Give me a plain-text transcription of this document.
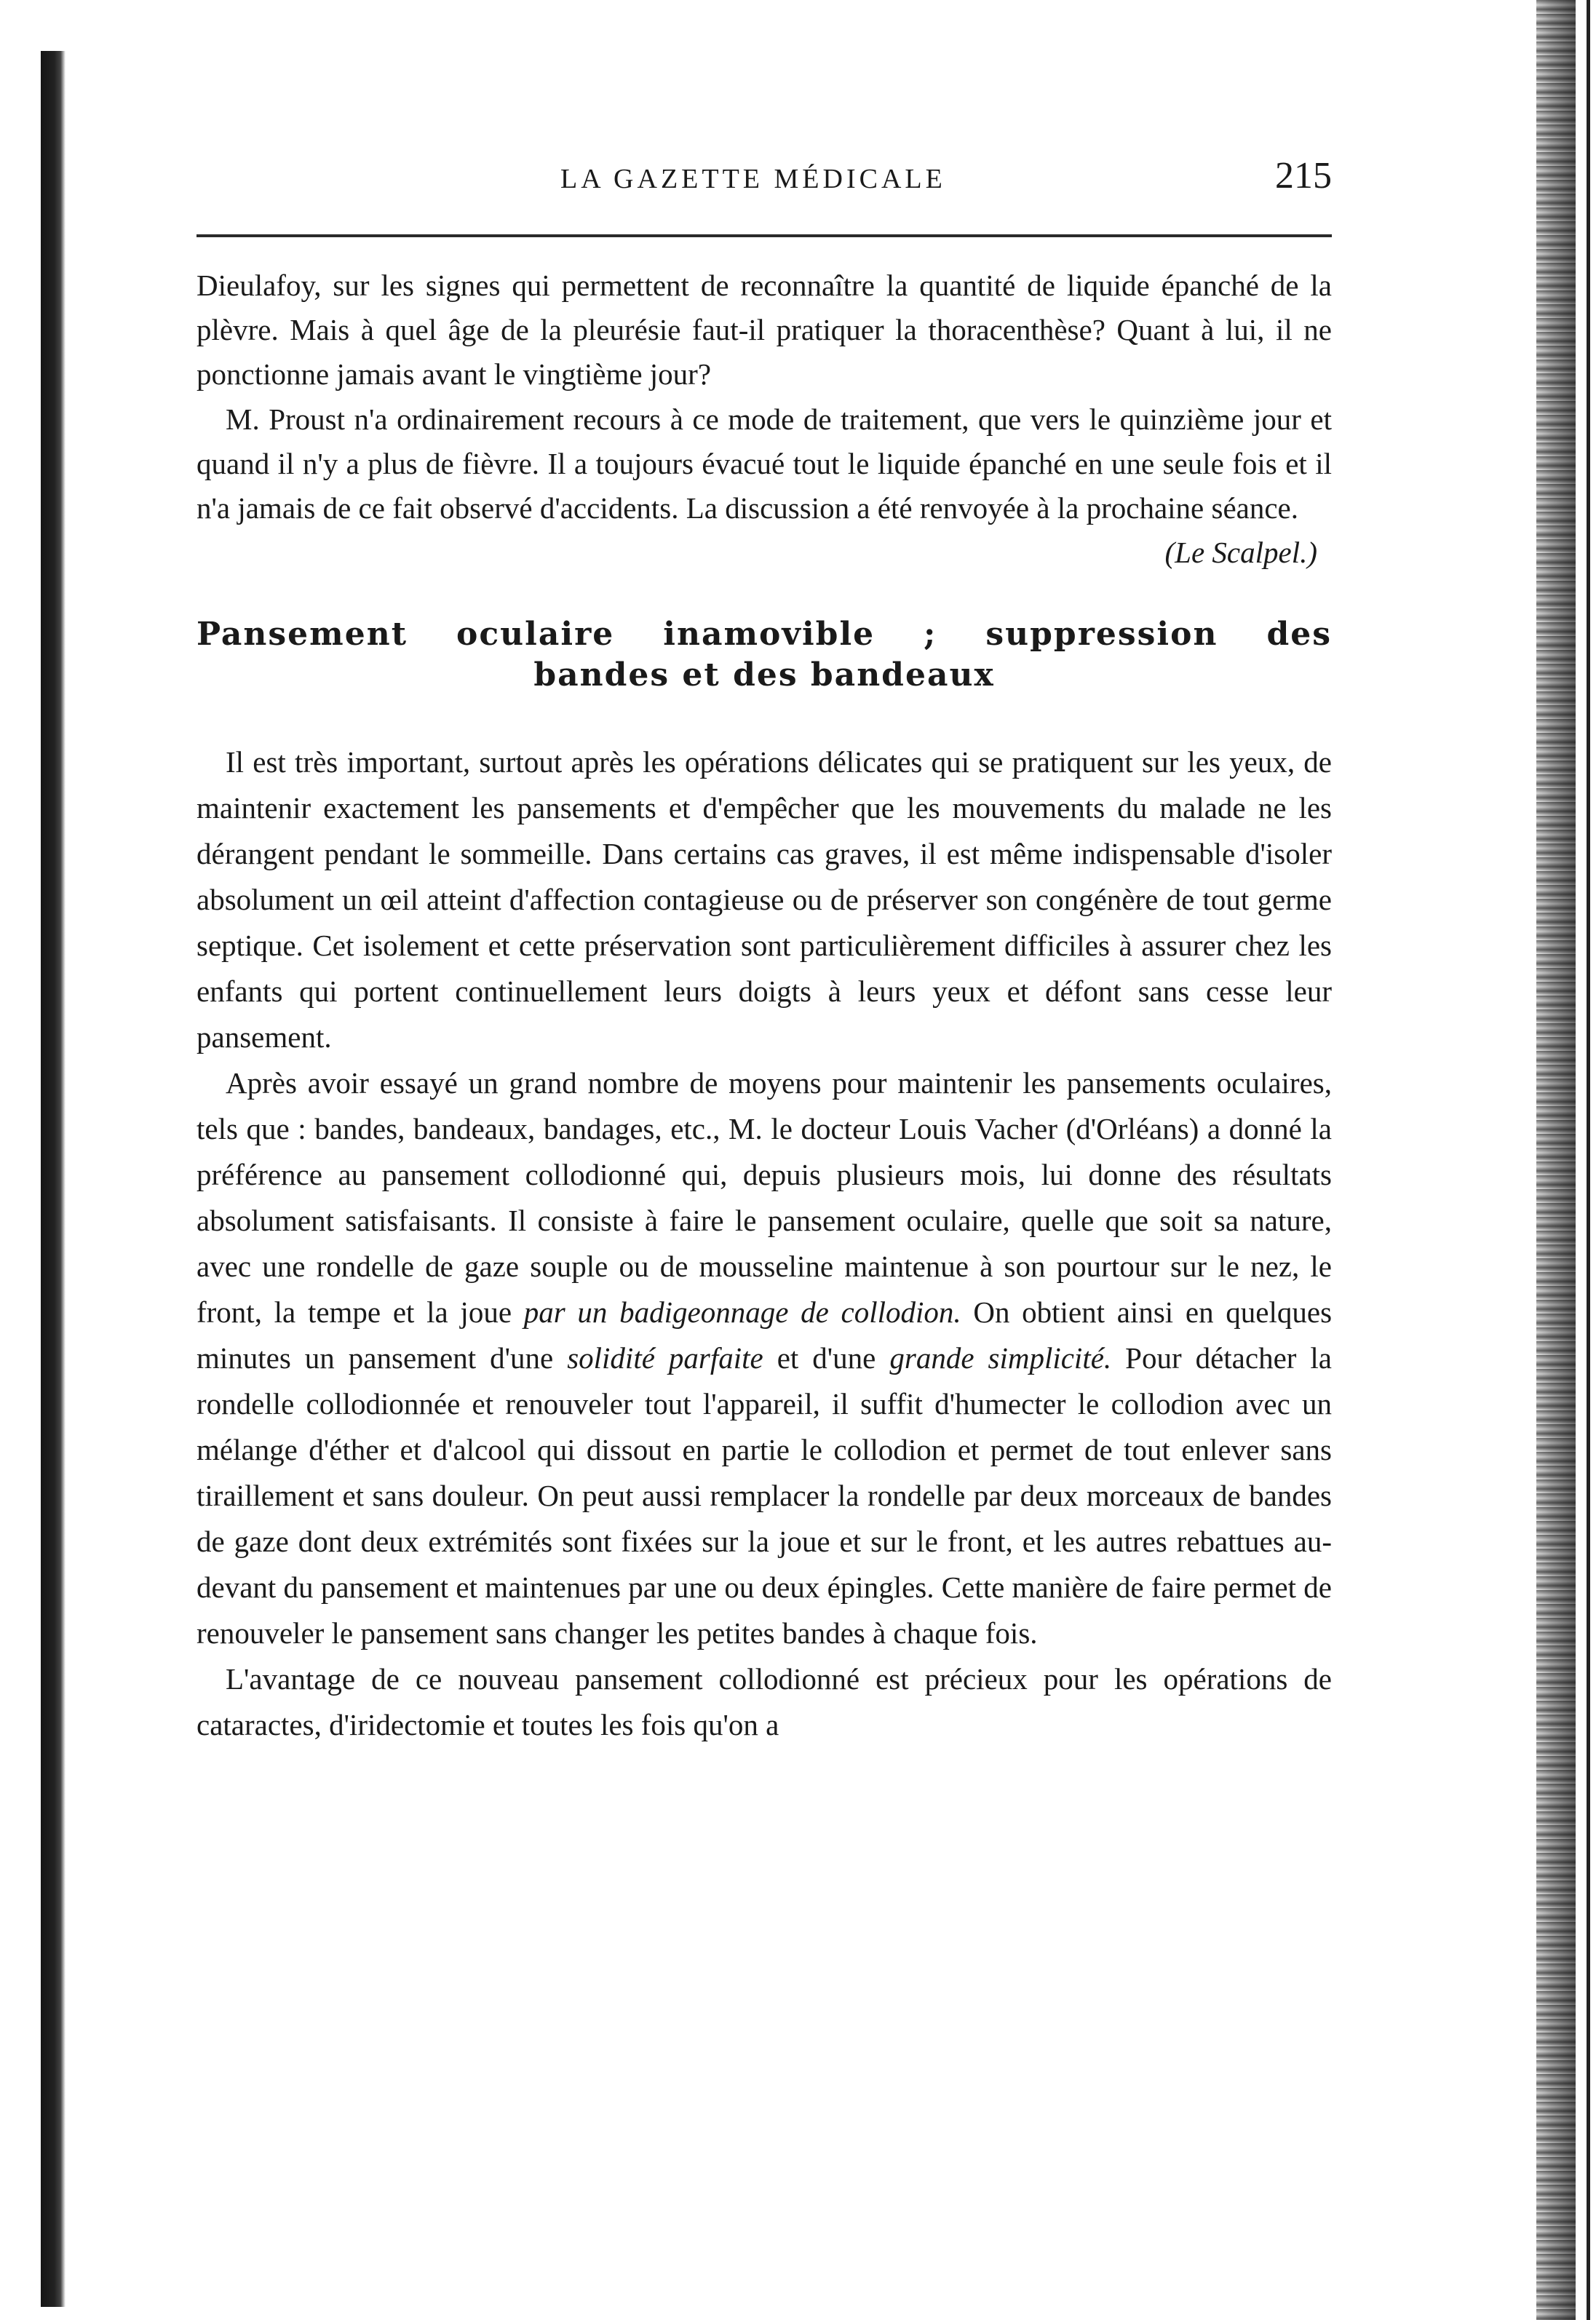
LA GAZETTE MÉDICALE	215

Dieulafoy, sur les signes qui permettent de reconnaître la quantité de liquide épanché de la plèvre. Mais à quel âge de la pleurésie faut-il pratiquer la thoracenthèse? Quant à lui, il ne ponctionne jamais avant le vingtième jour?

M. Proust n'a ordinairement recours à ce mode de traitement, que vers le quinzième jour et quand il n'y a plus de fièvre. Il a toujours évacué tout le liquide épanché en une seule fois et il n'a jamais de ce fait observé d'accidents. La discussion a été renvoyée à la prochaine séance.

(Le Scalpel.)

Pansement oculaire inamovible ; suppression des
bandes et des bandeaux

Il est très important, surtout après les opérations délicates qui se pratiquent sur les yeux, de maintenir exactement les pansements et d'empêcher que les mouvements du malade ne les dérangent pendant le sommeille. Dans certains cas graves, il est même indispensable d'isoler absolument un œil atteint d'affection contagieuse ou de préserver son congénère de tout germe septique. Cet isolement et cette préservation sont particulièrement difficiles à assurer chez les enfants qui portent continuellement leurs doigts à leurs yeux et défont sans cesse leur pansement.

Après avoir essayé un grand nombre de moyens pour maintenir les pansements oculaires, tels que : bandes, bandeaux, bandages, etc., M. le docteur Louis Vacher (d'Orléans) a donné la préférence au pansement collodionné qui, depuis plusieurs mois, lui donne des résultats absolument satisfaisants. Il consiste à faire le pansement oculaire, quelle que soit sa nature, avec une rondelle de gaze souple ou de mousseline maintenue à son pourtour sur le nez, le front, la tempe et la joue par un badigeonnage de collodion. On obtient ainsi en quelques minutes un pansement d'une solidité parfaite et d'une grande simplicité. Pour détacher la rondelle collodionnée et renouveler tout l'appareil, il suffit d'humecter le collodion avec un mélange d'éther et d'alcool qui dissout en partie le collodion et permet de tout enlever sans tiraillement et sans douleur. On peut aussi remplacer la rondelle par deux morceaux de bandes de gaze dont deux extrémités sont fixées sur la joue et sur le front, et les autres rebattues au-devant du pansement et maintenues par une ou deux épingles. Cette manière de faire permet de renouveler le pansement sans changer les petites bandes à chaque fois.

L'avantage de ce nouveau pansement collodionné est précieux pour les opérations de cataractes, d'iridectomie et toutes les fois qu'on a
